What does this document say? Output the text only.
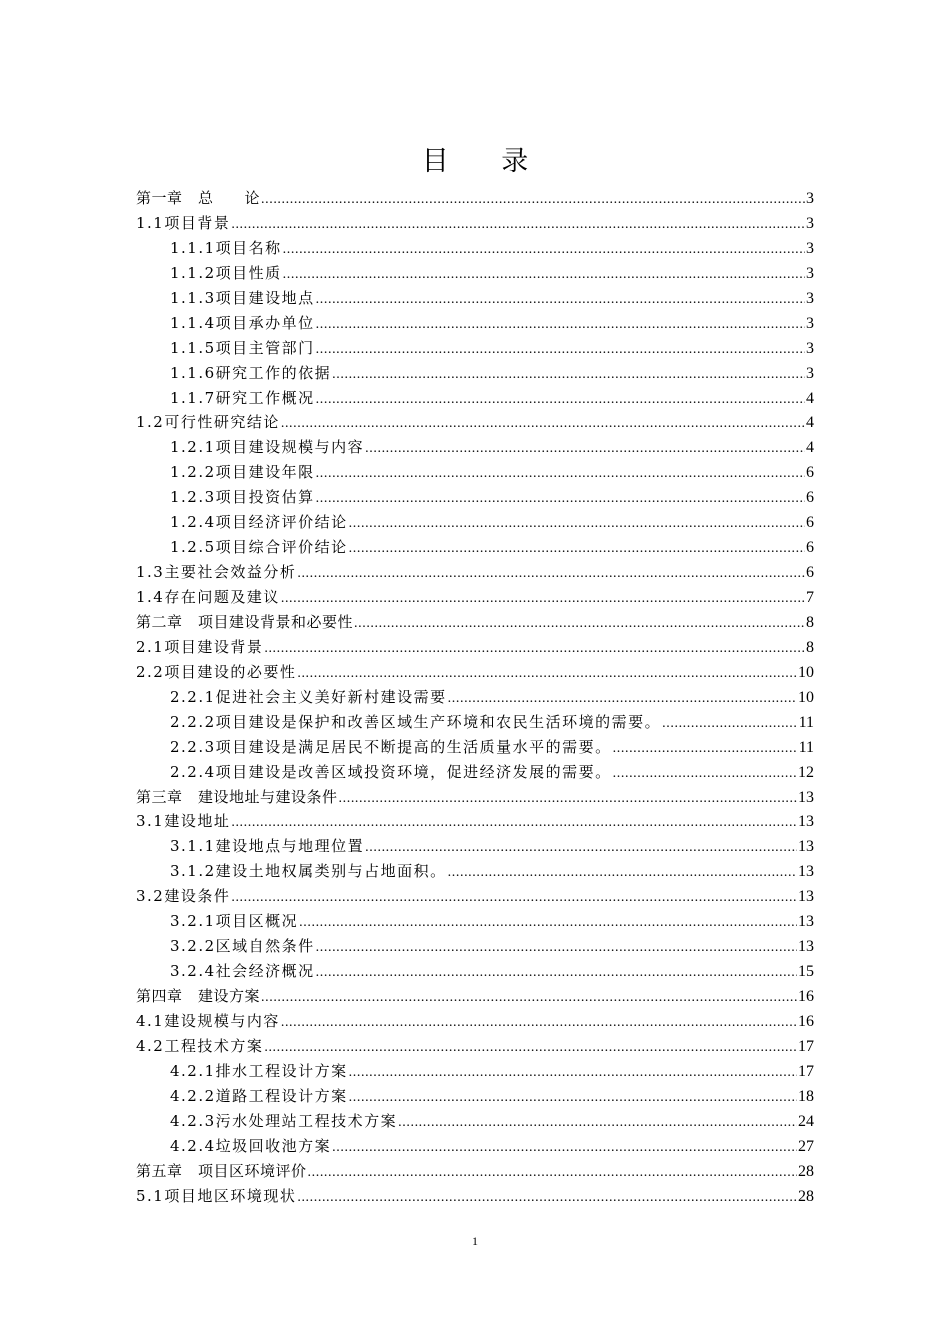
目 录
第一章　总　　论 .....	3
1.1项目背景 .....	3
1.1.1项目名称 .....	3
1.1.2项目性质 .....	3
1.1.3项目建设地点 .....	3
1.1.4项目承办单位 .....	3
1.1.5项目主管部门 .....	3
1.1.6研究工作的依据 .....	3
1.1.7研究工作概况 .....	4
1.2可行性研究结论 .....	4
1.2.1项目建设规模与内容 .....	4
1.2.2项目建设年限 .....	6
1.2.3项目投资估算 .....	6
1.2.4项目经济评价结论 .....	6
1.2.5项目综合评价结论 .....	6
1.3主要社会效益分析 .....	6
1.4存在问题及建议 .....	7
第二章　项目建设背景和必要性 .....	8
2.1项目建设背景 .....	8
2.2项目建设的必要性 .....	10
2.2.1促进社会主义美好新村建设需要 .....	10
2.2.2项目建设是保护和改善区域生产环境和农民生活环境的需要。 .....	11
2.2.3项目建设是满足居民不断提高的生活质量水平的需要。 .....	11
2.2.4项目建设是改善区域投资环境，促进经济发展的需要。 .....	12
第三章　建设地址与建设条件 .....	13
3.1建设地址 .....	13
3.1.1建设地点与地理位置 .....	13
3.1.2建设土地权属类别与占地面积。 .....	13
3.2建设条件 .....	13
3.2.1项目区概况 .....	13
3.2.2区域自然条件 .....	13
3.2.4社会经济概况 .....	15
第四章　建设方案 .....	16
4.1建设规模与内容 .....	16
4.2工程技术方案 .....	17
4.2.1排水工程设计方案 .....	17
4.2.2道路工程设计方案 .....	18
4.2.3污水处理站工程技术方案 .....	24
4.2.4垃圾回收池方案 .....	27
第五章　项目区环境评价 .....	28
5.1项目地区环境现状 .....	28
1
